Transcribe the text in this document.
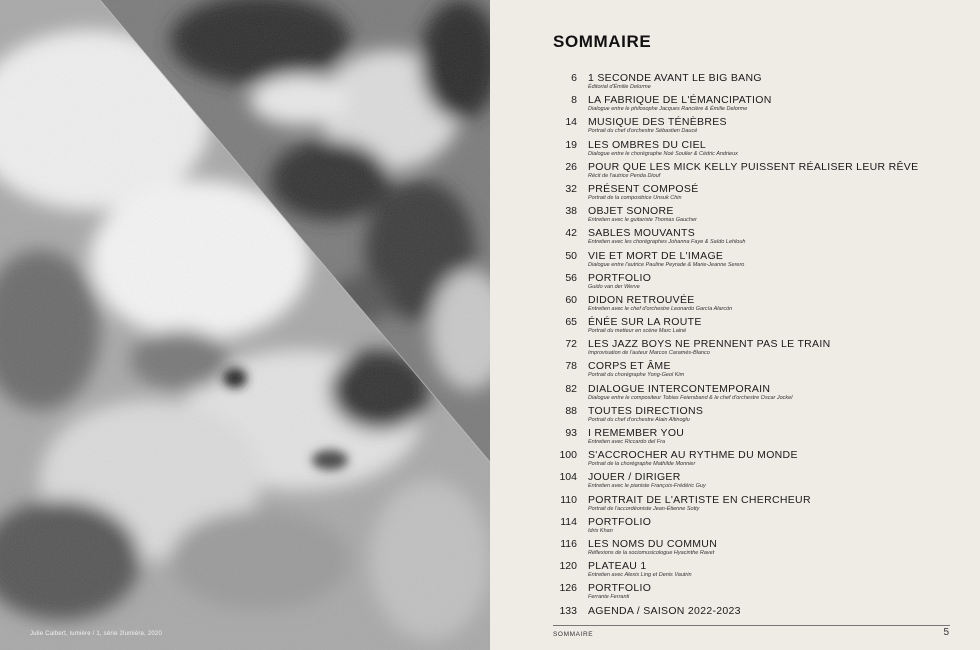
Julie Calbert, lumière / 1, série 2lumière, 2020
SOMMAIRE
6 1 SECONDE AVANT LE BIG BANG
Éditorial d'Émilie Delorme
8 LA FABRIQUE DE L'ÉMANCIPATION
Dialogue entre le philosophe Jacques Rancière & Émilie Delorme
14 MUSIQUE DES TÉNÈBRES
Portrait du chef d'orchestre Sébastien Daucé
19 LES OMBRES DU CIEL
Dialogue entre le chorégraphe Noé Soulier & Cédric Andrieux
26 POUR QUE LES MICK KELLY PUISSENT RÉALISER LEUR RÊVE
Récit de l'autrice Penda Diouf
32 PRÉSENT COMPOSÉ
Portrait de la compositrice Unsuk Chin
38 OBJET SONORE
Entretien avec le guitariste Thomas Gaucher
42 SABLES MOUVANTS
Entretien avec les chorégraphes Johanna Faye & Saïdo Lehlouh
50 VIE ET MORT DE L'IMAGE
Dialogue entre l'autrice Pauline Peyrade & Marie-Jeanne Serero
56 PORTFOLIO
Guido van der Werve
60 DIDON RETROUVÉE
Entretien avec le chef d'orchestre Leonardo García Alarcón
65 ÉNÉE SUR LA ROUTE
Portrait du metteur en scène Marc Lainé
72 LES JAZZ BOYS NE PRENNENT PAS LE TRAIN
Improvisation de l'auteur Marcos Caramés-Blanco
78 CORPS ET ÂME
Portrait du chorégraphe Yong-Geol Kim
82 DIALOGUE INTERCONTEMPORAIN
Dialogue entre le compositeur Tobias Feiersband & le chef d'orchestre Oscar Jockel
88 TOUTES DIRECTIONS
Portrait du chef d'orchestre Alain Altinoglu
93 I REMEMBER YOU
Entretien avec Riccardo del Fra
100 S'ACCROCHER AU RYTHME DU MONDE
Portrait de la chorégraphe Mathilde Monnier
104 JOUER / DIRIGER
Entretien avec le pianiste François-Frédéric Guy
110 PORTRAIT DE L'ARTISTE EN CHERCHEUR
Portrait de l'accordéoniste Jean-Étienne Sotty
114 PORTFOLIO
Idris Khan
116 LES NOMS DU COMMUN
Réflexions de la sociomusicologue Hyacinthe Ravet
120 PLATEAU 1
Entretien avec Alexis Ling et Denis Vautrin
126 PORTFOLIO
Ferrante Ferranti
133 AGENDA / SAISON 2022-2023
SOMMAIRE	5
